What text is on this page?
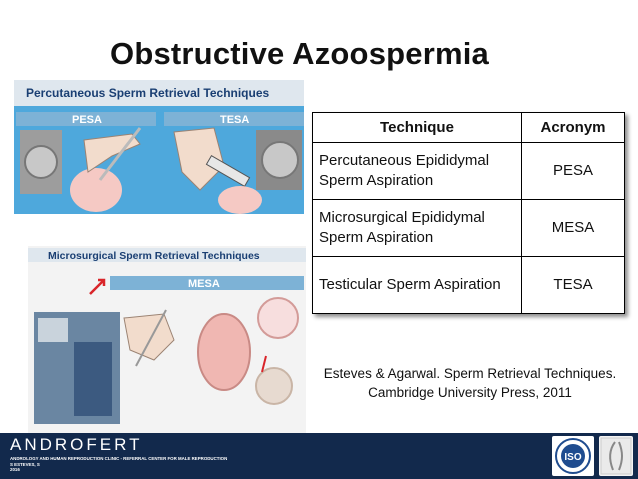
Obstructive Azoospermia
Percutaneous Sperm Retrieval Techniques
PESA	TESA
Microsurgical Sperm Retrieval Techniques
MESA
Technique	Acronym
Percutaneous Epididymal Sperm Aspiration	PESA
Microsurgical Epididymal Sperm Aspiration	MESA
Testicular Sperm Aspiration	TESA
Esteves & Agarwal. Sperm Retrieval Techniques.
Cambridge University Press, 2011
ANDROFERT
ANDROLOGY AND HUMAN REPRODUCTION CLINIC - REFERRAL CENTER FOR MALE REPRODUCTION
S ESTEVES, S
2016
ISO
